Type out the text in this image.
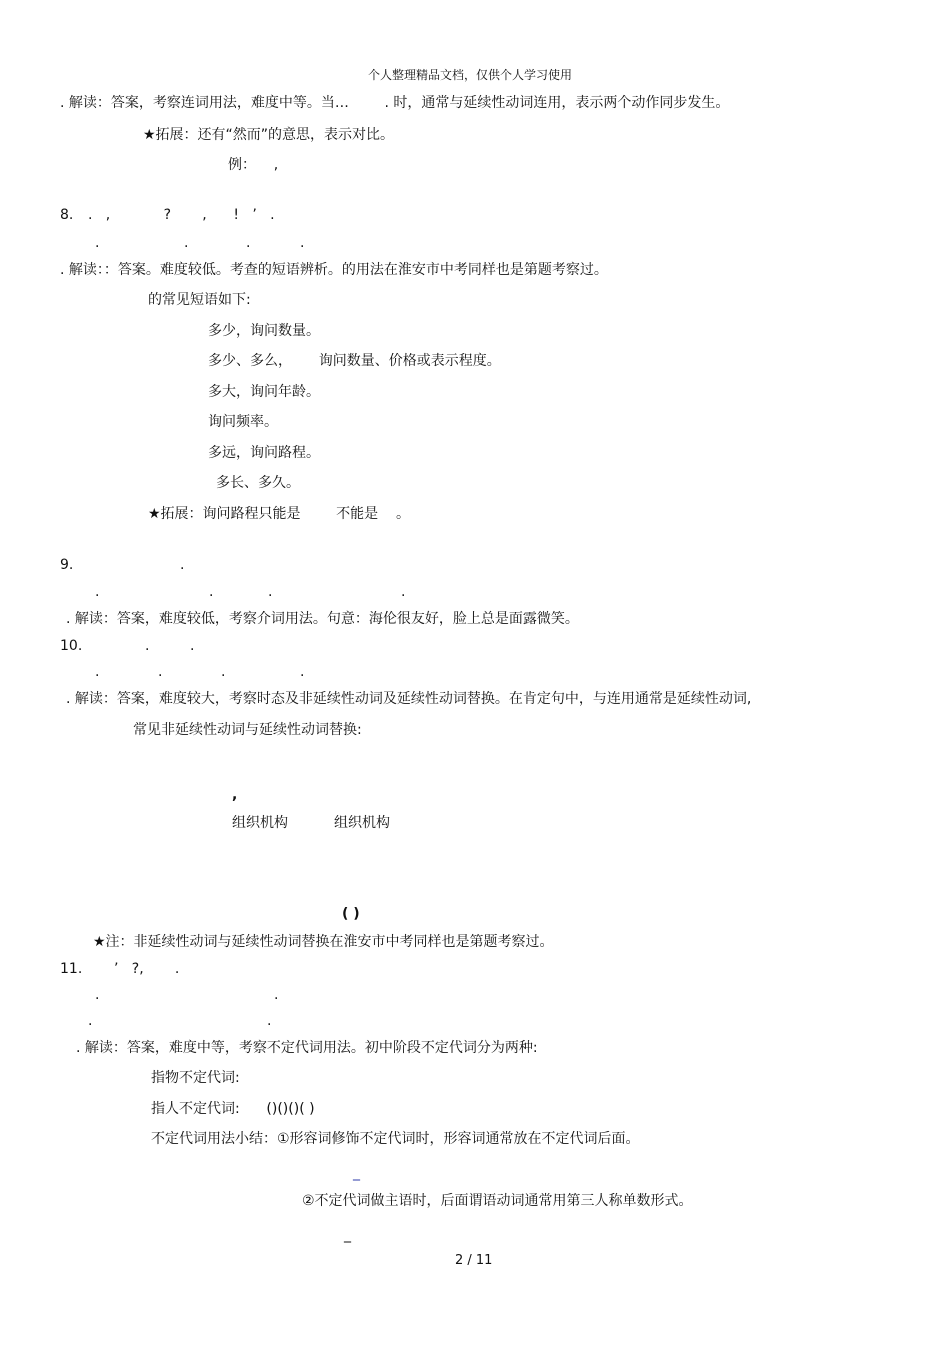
个人整理精品文档，仅供个人学习使用
. 解读：答案，考察连词用法，难度中等。当…        . 时，通常与延续性动词连用，表示两个动作同步发生。
★拓展：还有“然而”的意思，表示对比。
例：    ,
8. .   ,            ?       ,      !   ’   .
.	.	.	.
. 解读：：答案。难度较低。考查的短语辨析。的用法在淮安市中考同样也是第题考察过。
的常见短语如下:
多少，询问数量。
多少、多么，      询问数量、价格或表示程度。
多大，询问年龄。
询问频率。
多远，询问路程。
多长、多久。
★拓展：询问路程只能是        不能是    。
9.	.
.	.	.	.
. 解读：答案，难度较低，考察介词用法。句意：海伦很友好，脸上总是面露微笑。
10.	.	.
.	.	.	.
. 解读：答案，难度较大，考察时态及非延续性动词及延续性动词替换。在肯定句中，与连用通常是延续性动词,
常见非延续性动词与延续性动词替换:
,
组织机构	组织机构
( )
★注：非延续性动词与延续性动词替换在淮安市中考同样也是第题考察过。
11. ’   ?,       .
.	.
.	.
. 解读：答案，难度中等，考察不定代词用法。初中阶段不定代词分为两种:
指物不定代词:
指人不定代词:      ()()()( )
不定代词用法小结：①形容词修饰不定代词时，形容词通常放在不定代词后面。
_
②不定代词做主语时，后面谓语动词通常用第三人称单数形式。
_
2 / 11
